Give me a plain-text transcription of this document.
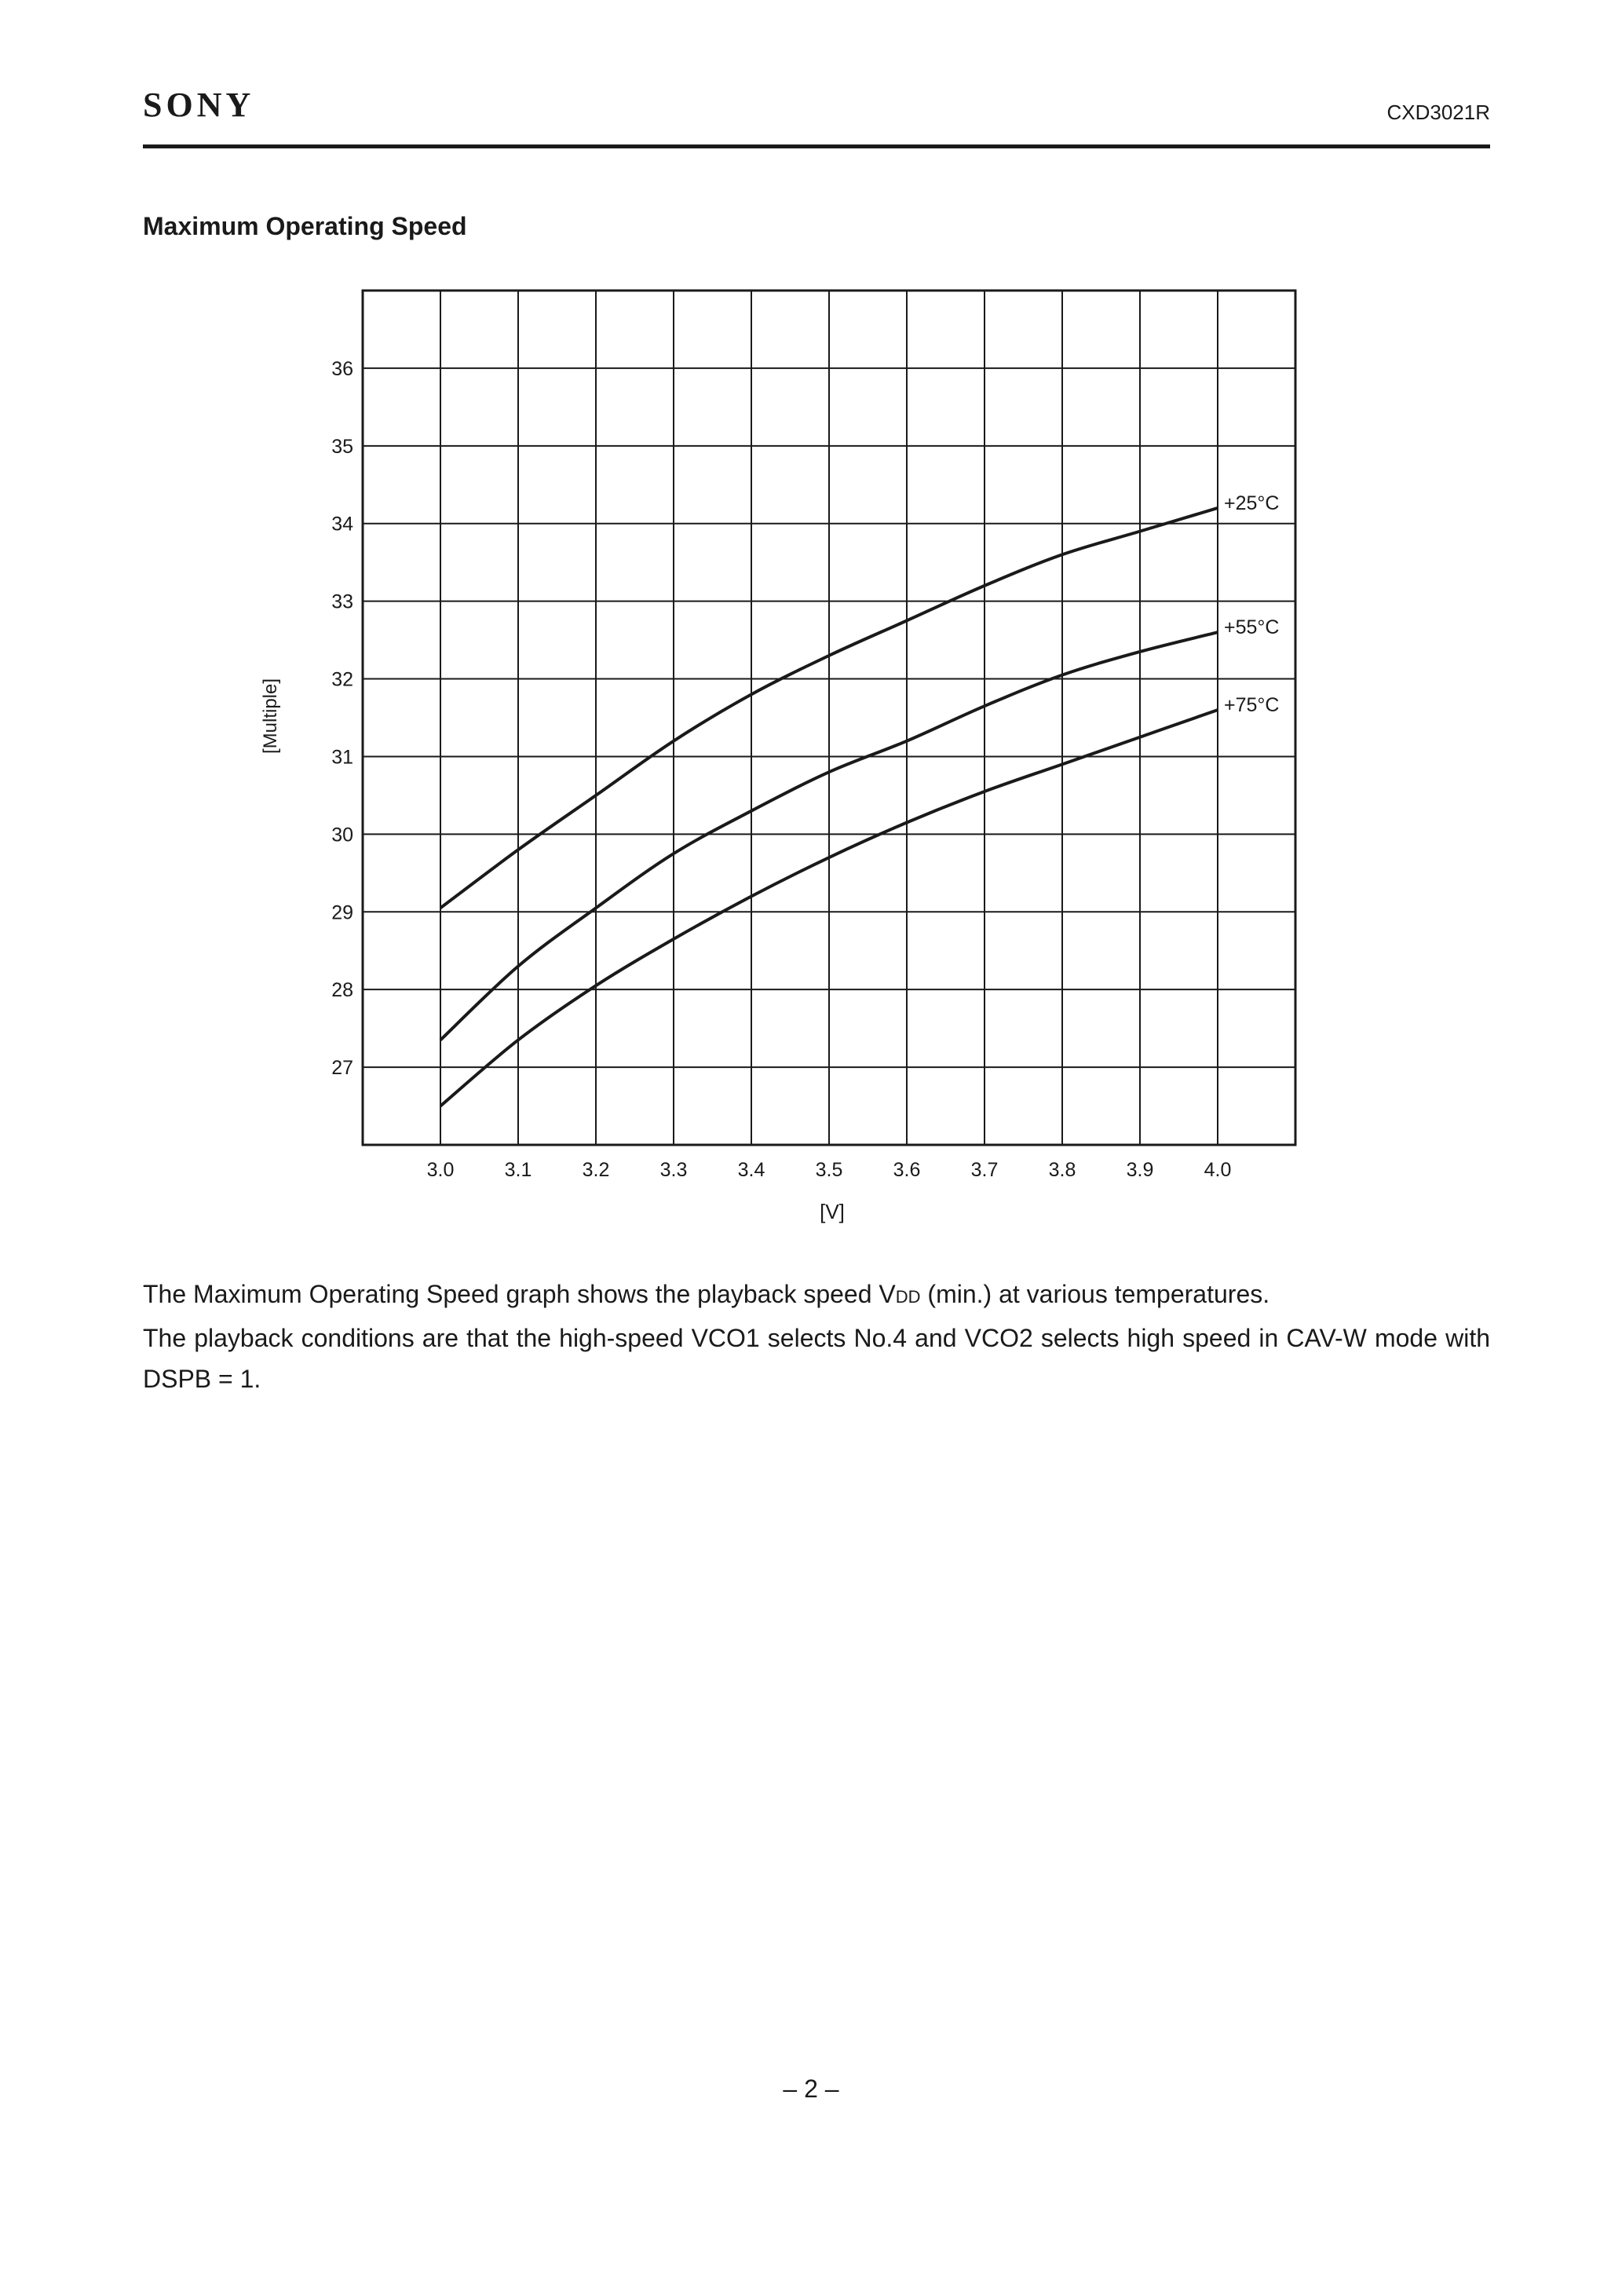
SONY	CXD3021R
Maximum Operating Speed
3.0	3.1	3.2	3.3	3.4	3.5	3.6	3.7	3.8	3.9	4.0
27
28
29
30
31
32
33
34
35
36
+25°C
+55°C
+75°C
[V]
[Multiple]

The Maximum Operating Speed graph shows the playback speed VDD (min.) at various temperatures.

The playback conditions are that the high-speed VCO1 selects No.4 and VCO2 selects high speed in CAV-W mode with DSPB = 1.

– 2 –
